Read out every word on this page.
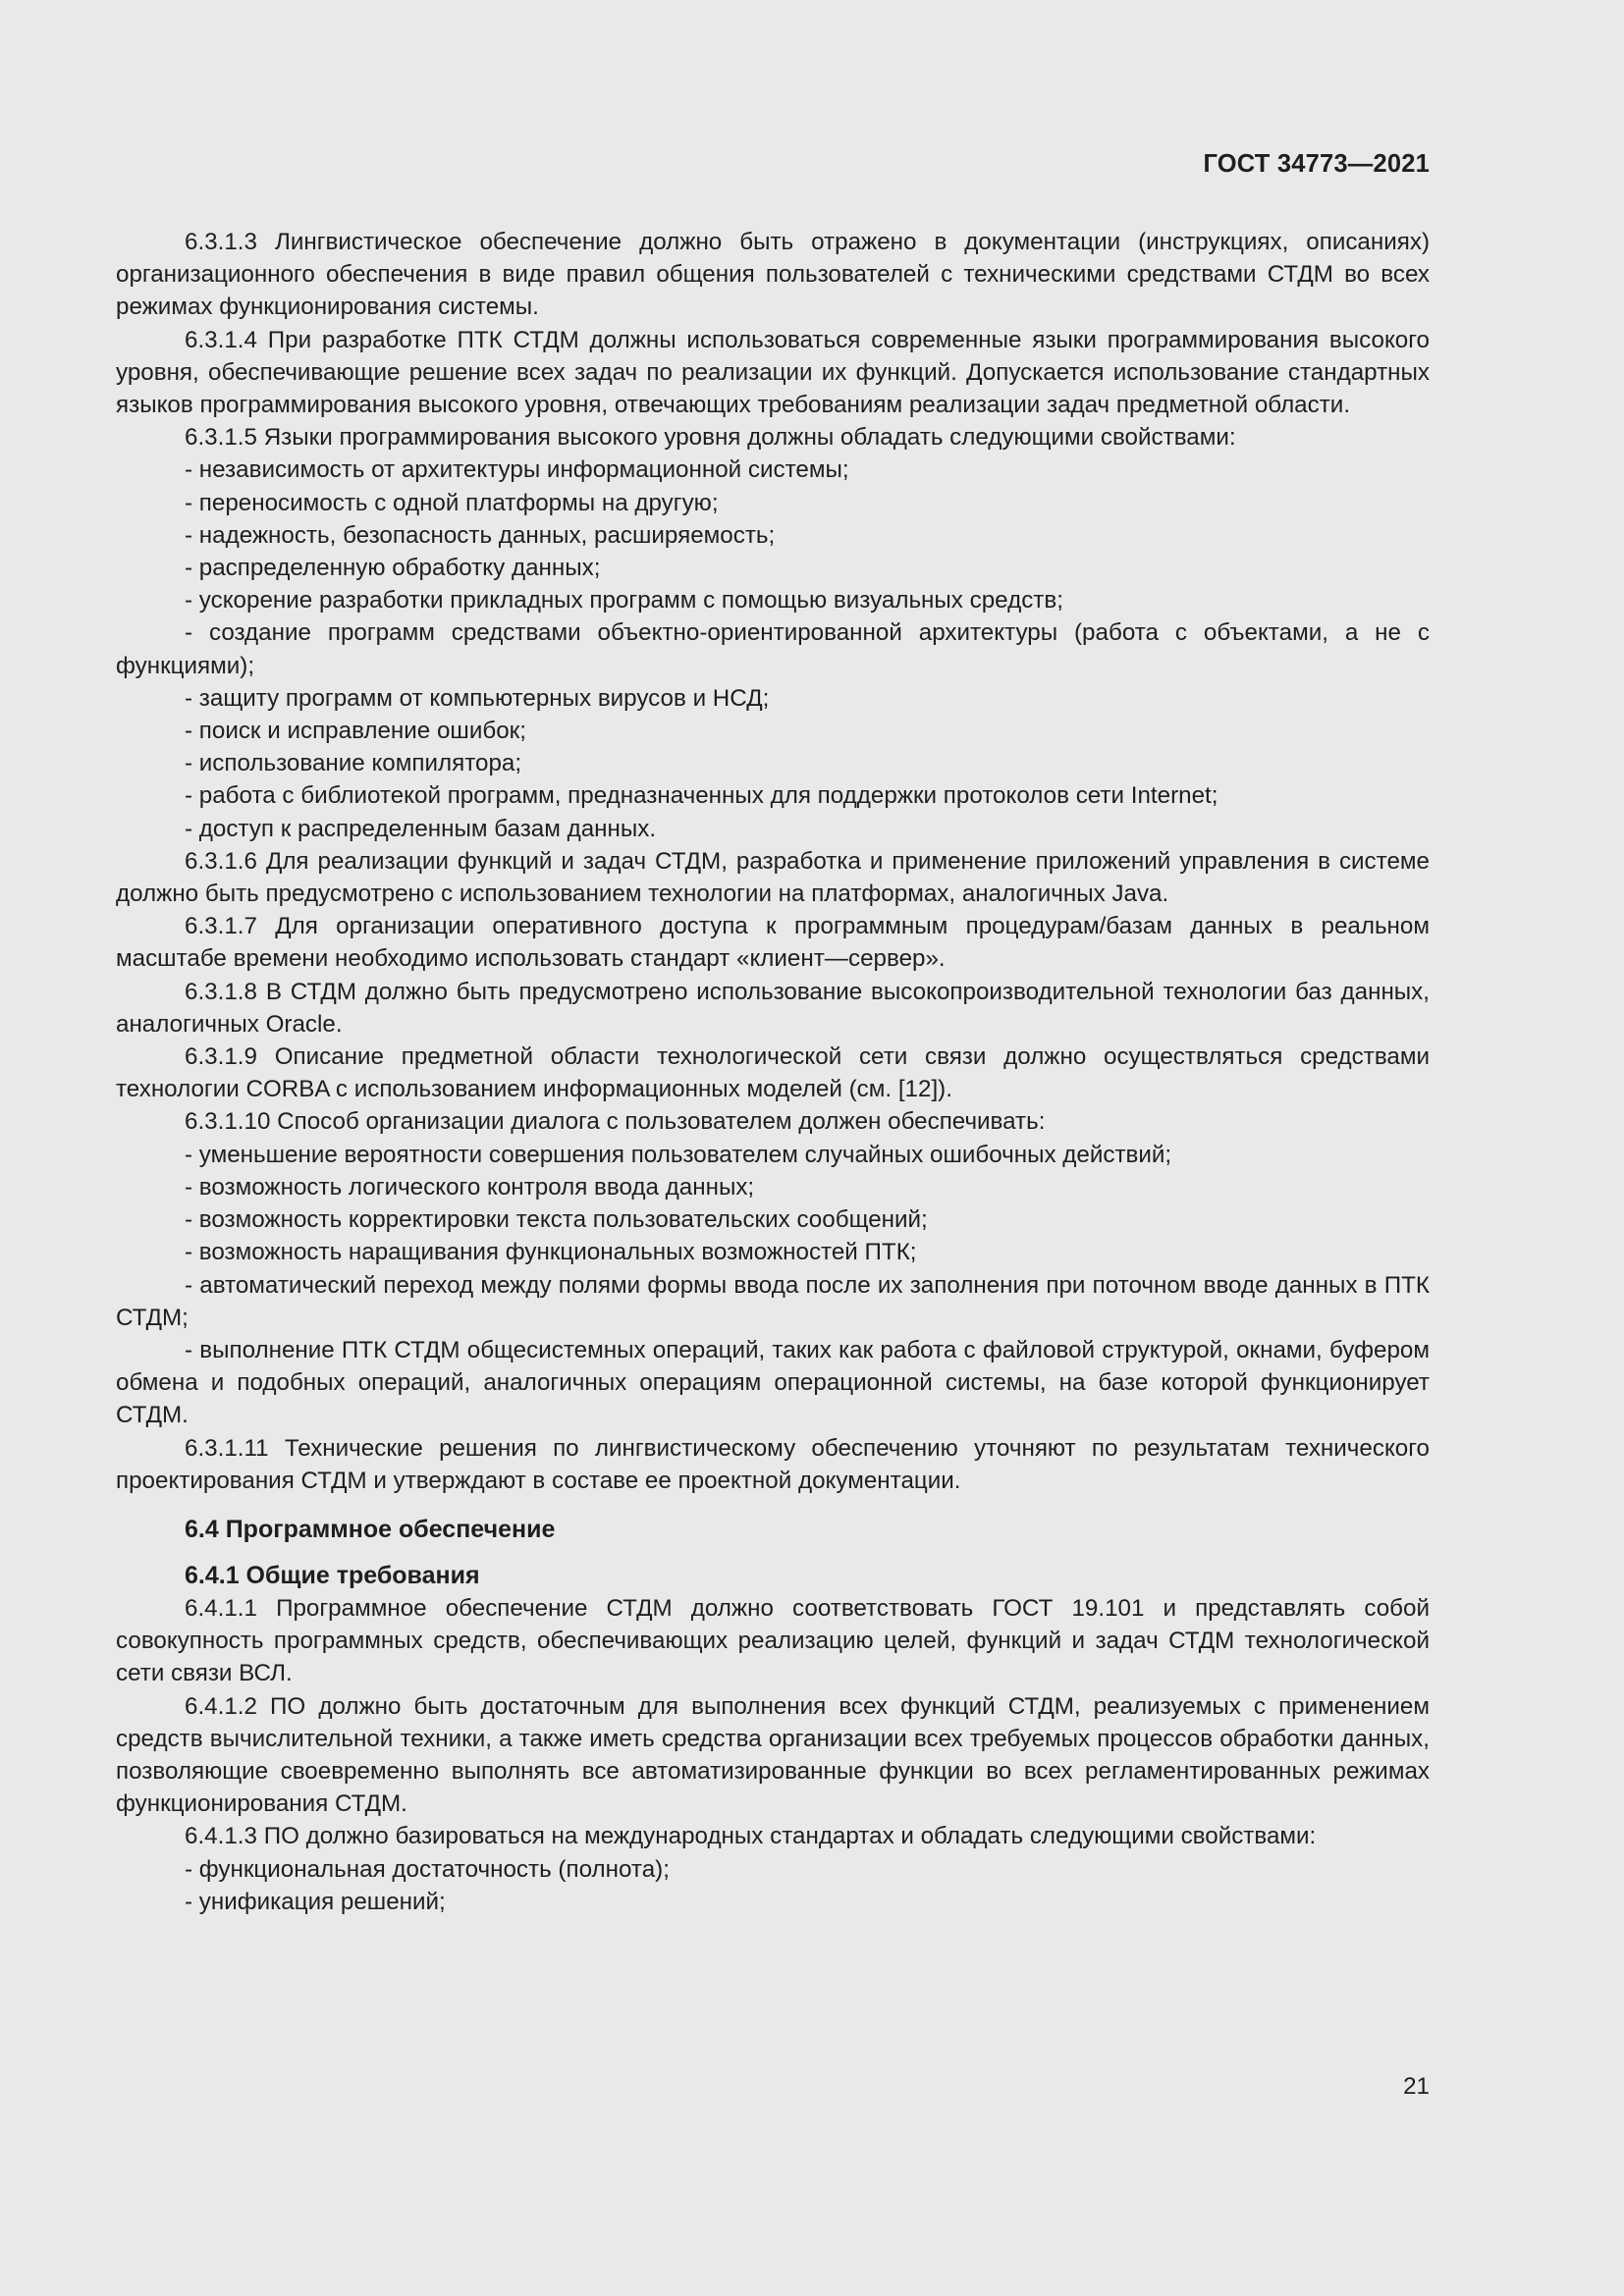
ГОСТ 34773—2021

6.3.1.3 Лингвистическое обеспечение должно быть отражено в документации (инструкциях, описаниях) организационного обеспечения в виде правил общения пользователей с техническими средствами СТДМ во всех режимах функционирования системы.

6.3.1.4 При разработке ПТК СТДМ должны использоваться современные языки программирования высокого уровня, обеспечивающие решение всех задач по реализации их функций. Допускается использование стандартных языков программирования высокого уровня, отвечающих требованиям реализации задач предметной области.

6.3.1.5 Языки программирования высокого уровня должны обладать следующими свойствами:

- независимость от архитектуры информационной системы;

- переносимость с одной платформы на другую;

- надежность, безопасность данных, расширяемость;

- распределенную обработку данных;

- ускорение разработки прикладных программ с помощью визуальных средств;

- создание программ средствами объектно-ориентированной архитектуры (работа с объектами, а не с функциями);

- защиту программ от компьютерных вирусов и НСД;

- поиск и исправление ошибок;

- использование компилятора;

- работа с библиотекой программ, предназначенных для поддержки протоколов сети Internet;

- доступ к распределенным базам данных.

6.3.1.6 Для реализации функций и задач СТДМ, разработка и применение приложений управления в системе должно быть предусмотрено с использованием технологии на платформах, аналогичных Java.

6.3.1.7 Для организации оперативного доступа к программным процедурам/базам данных в реальном масштабе времени необходимо использовать стандарт «клиент—сервер».

6.3.1.8 В СТДМ должно быть предусмотрено использование высокопроизводительной технологии баз данных, аналогичных Oracle.

6.3.1.9 Описание предметной области технологической сети связи должно осуществляться средствами технологии CORBA с использованием информационных моделей (см. [12]).

6.3.1.10 Способ организации диалога с пользователем должен обеспечивать:

- уменьшение вероятности совершения пользователем случайных ошибочных действий;

- возможность логического контроля ввода данных;

- возможность корректировки текста пользовательских сообщений;

- возможность наращивания функциональных возможностей ПТК;

- автоматический переход между полями формы ввода после их заполнения при поточном вводе данных в ПТК СТДМ;

- выполнение ПТК СТДМ общесистемных операций, таких как работа с файловой структурой, окнами, буфером обмена и подобных операций, аналогичных операциям операционной системы, на базе которой функционирует СТДМ.

6.3.1.11 Технические решения по лингвистическому обеспечению уточняют по результатам технического проектирования СТДМ и утверждают в составе ее проектной документации.

6.4 Программное обеспечение
6.4.1 Общие требования

6.4.1.1 Программное обеспечение СТДМ должно соответствовать ГОСТ 19.101 и представлять собой совокупность программных средств, обеспечивающих реализацию целей, функций и задач СТДМ технологической сети связи ВСЛ.

6.4.1.2 ПО должно быть достаточным для выполнения всех функций СТДМ, реализуемых с применением средств вычислительной техники, а также иметь средства организации всех требуемых процессов обработки данных, позволяющие своевременно выполнять все автоматизированные функции во всех регламентированных режимах функционирования СТДМ.

6.4.1.3 ПО должно базироваться на международных стандартах и обладать следующими свойствами:

- функциональная достаточность (полнота);

- унификация решений;

21
